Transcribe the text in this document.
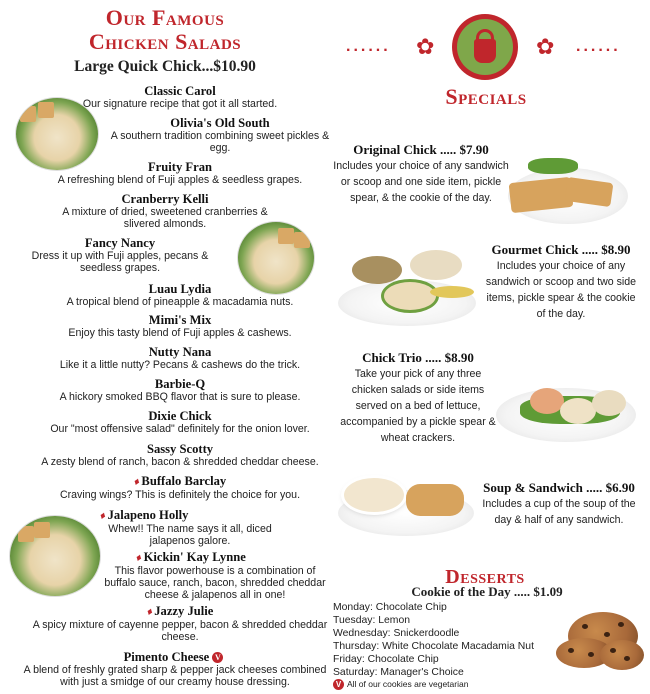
Our Famous
Chicken Salads
Large Quick Chick...$10.90
Classic Carol
Our signature recipe that got it all started.
Olivia's Old South
A southern tradition combining sweet pickles & egg.
Fruity Fran
A refreshing blend of Fuji apples & seedless grapes.
Cranberry Kelli
A mixture of dried, sweetened cranberries & slivered almonds.
Fancy Nancy
Dress it up with Fuji apples, pecans & seedless grapes.
Luau Lydia
A tropical blend of pineapple & macadamia nuts.
Mimi's Mix
Enjoy this tasty blend of Fuji apples & cashews.
Nutty Nana
Like it a little nutty? Pecans & cashews do the trick.
Barbie-Q
A hickory smoked BBQ flavor that is sure to please.
Dixie Chick
Our "most offensive salad" definitely for the onion lover.
Sassy Scotty
A zesty blend of ranch, bacon & shredded cheddar cheese.
♦Buffalo Barclay
Craving wings? This is definitely the choice for you.
♦Jalapeno Holly
Whew!! The name says it all, diced jalapenos galore.
♦Kickin' Kay Lynne
This flavor powerhouse is a combination of buffalo sauce, ranch, bacon, shredded cheddar cheese & jalapenos all in one!
♦Jazzy Julie
A spicy mixture of cayenne pepper, bacon & shredded cheddar cheese.
Pimento Cheese V
A blend of freshly grated sharp & pepper jack cheeses combined with just a smidge of our creamy house dressing.
...... ✿	✿ ......
Specials
Original Chick ..... $7.90
Includes your choice of any sandwich or scoop and one side item, pickle spear, & the cookie of the day.
Gourmet Chick ..... $8.90
Includes your choice of any sandwich or scoop and two side items, pickle spear & the cookie of the day.
Chick Trio ..... $8.90
Take your pick of any three chicken salads or side items served on a bed of lettuce, accompanied by a pickle spear & wheat crackers.
Soup & Sandwich ..... $6.90
Includes a cup of the soup of the day & half of any sandwich.
Desserts
Cookie of the Day ..... $1.09
Monday: Chocolate Chip
Tuesday: Lemon
Wednesday: Snickerdoodle
Thursday: White Chocolate Macadamia Nut
Friday: Chocolate Chip
Saturday: Manager's Choice
V All of our cookies are vegetarian
